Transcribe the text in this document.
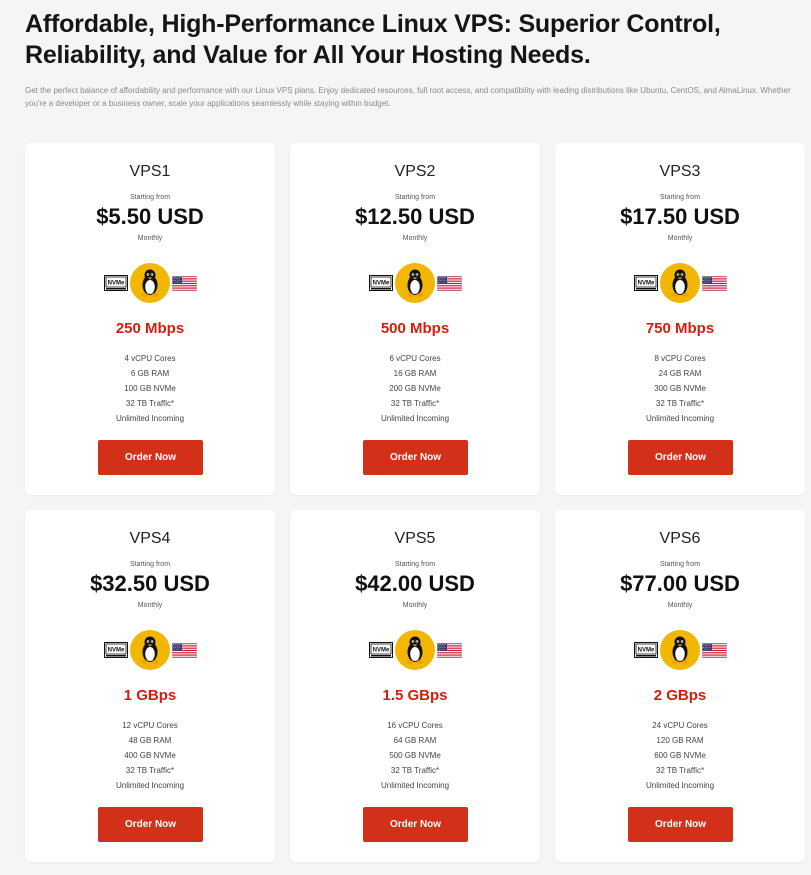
Affordable, High-Performance Linux VPS: Superior Control, Reliability, and Value for All Your Hosting Needs.

Get the perfect balance of affordability and performance with our Linux VPS plans. Enjoy dedicated resources, full root access, and compatibility with leading distributions like Ubuntu, CentOS, and AlmaLinux. Whether you're a developer or a business owner, scale your applications seamlessly while staying within budget.

VPS1
Starting from
$5.50 USD
Monthly
NVMe
250 Mbps
4 vCPU Cores
6 GB RAM
100 GB NVMe
32 TB Traffic*
Unlimited Incoming
Order Now
VPS2
Starting from
$12.50 USD
Monthly
NVMe
500 Mbps
6 vCPU Cores
16 GB RAM
200 GB NVMe
32 TB Traffic*
Unlimited Incoming
Order Now
VPS3
Starting from
$17.50 USD
Monthly
NVMe
750 Mbps
8 vCPU Cores
24 GB RAM
300 GB NVMe
32 TB Traffic*
Unlimited Incoming
Order Now
VPS4
Starting from
$32.50 USD
Monthly
NVMe
1 GBps
12 vCPU Cores
48 GB RAM
400 GB NVMe
32 TB Traffic*
Unlimited Incoming
Order Now
VPS5
Starting from
$42.00 USD
Monthly
NVMe
1.5 GBps
16 vCPU Cores
64 GB RAM
500 GB NVMe
32 TB Traffic*
Unlimited Incoming
Order Now
VPS6
Starting from
$77.00 USD
Monthly
NVMe
2 GBps
24 vCPU Cores
120 GB RAM
600 GB NVMe
32 TB Traffic*
Unlimited Incoming
Order Now
